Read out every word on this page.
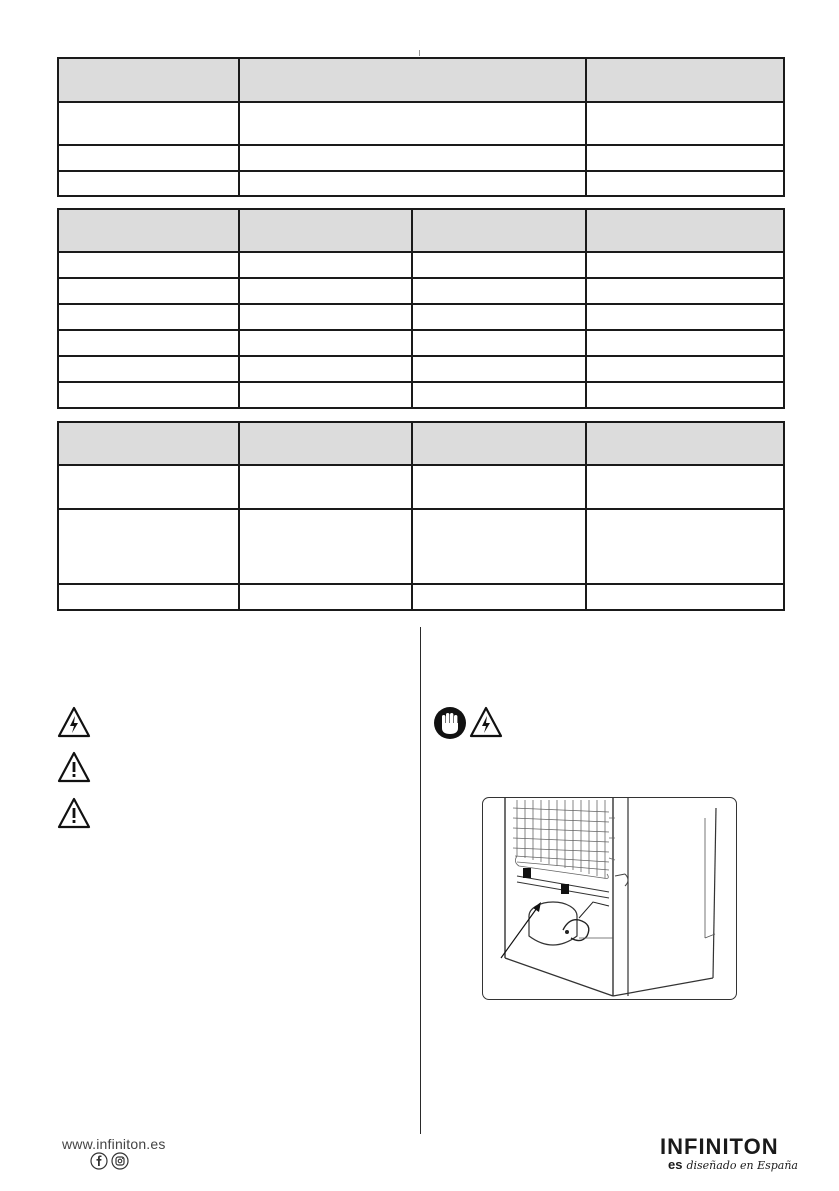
www.infiniton.es	INFINITON
es diseñado en España
